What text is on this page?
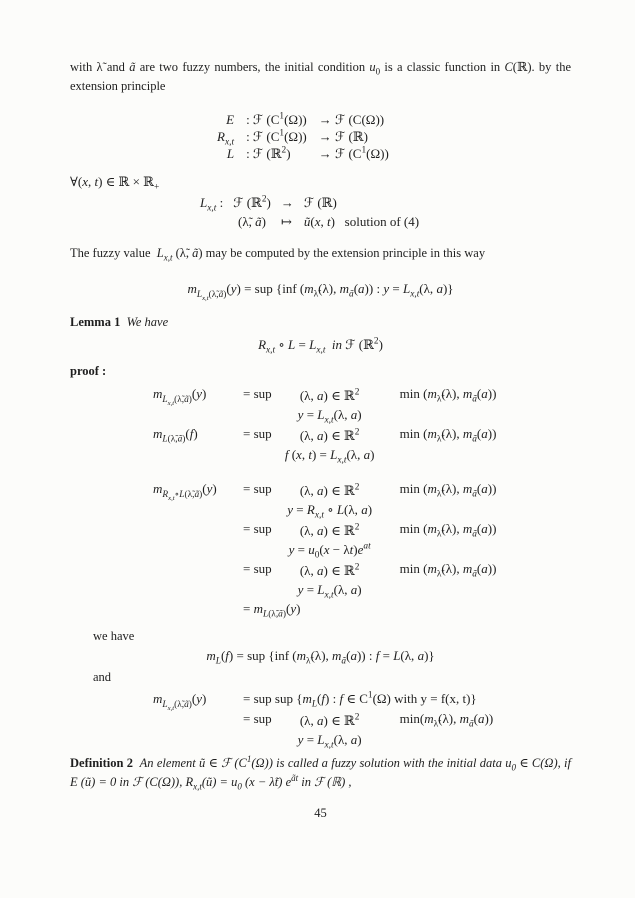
with λ̃ and ã are two fuzzy numbers, the initial condition $u_0$ is a classic function in C(ℝ). by the extension principle

E : ℱ $(C^1(\Omega))$ → ℱ (C(Ω))
$R_{x,t}$ : ℱ $(C^1(\Omega))$ → ℱ (ℝ)
L : ℱ (ℝ$^2$)	→ ℱ $(C^1(\Omega))$

∀(x, t) ∈ ℝ × ℝ$_+$

$L_{x,t}$ : ℱ (ℝ$^2$) → ℱ (ℝ)
(λ̃, ã)	↦ ũ(x, t)   solution of (4)

The fuzzy value  $L_{x,t}$ (λ̃, ã) may be computed by the extension principle in this way

$m_{L_{x,t}(\lambdã,ã)}(y)$ = sup {inf ($m_{\lambdã}(\lambda)$, $m_ã(a)$) : $y = L_{x,t}(\lambda$, a)}

Lemma 1 We have

$R_{x,t}$ ∘ $L = L_{x,t}$ in ℱ (ℝ$^2$)

proof :

$m_{L_{x,t}(\lambdã,ã)}(y)$	= sup	(λ, a) ∈ ℝ$^2$
$y = L_{x,t}(\lambda$, a)
$\min (m_{\lambdã}(\lambda)$, $m_ã(a)$)
$m_{L(\lambdã,ã)}(f)$	= sup	(λ, a) ∈ ℝ$^2$
f (x, $t) = L_{x,t}(\lambda$, a)
$\min (m_{\lambdã}(\lambda)$, $m_ã(a)$)
$m_{R_{x,t}\circ L(\lambdã,ã)}(y)$	= sup	(λ, a) ∈ ℝ$^2$
$y = R_{x,t}$ ∘ L(λ, a)
$\min (m_{\lambdã}(\lambda)$, $m_ã(a)$)
= sup	(λ, a) ∈ ℝ$^2$
$y = u_0(x - \lambda t)e^{at}$
$\min (m_{\lambdã}(\lambda)$, $m_ã(a)$)
= sup	(λ, a) ∈ ℝ$^2$
$y = L_{x,t}(\lambda$, a)
$\min (m_{\lambdã}(\lambda)$, $m_ã(a)$)
= $m_{L(\lambdã,ã)}(y)$

we have

$m_L(f)$ = sup {inf ($m_{\lambdã}(\lambda)$, $m_ã(a)$) : f = L(λ, a)}

and

$m_{L_{x,t}(\lambdã,ã)}(y)$	= sup sup {$m_L(f)$ : f ∈ $C^1(\Omega)$ with y = f(x, t)}
= sup	(λ, a) ∈ ℝ$^2$
$y = L_{x,t}(\lambda$, a)
$\min(m_{\lambdã}(\lambda)$, $m_ã(a)$)

Definition 2 An element ũ ∈ ℱ $(C^1(\Omega))$ is called a fuzzy solution with the initial data $u_0$ ∈ C(Ω), if E (ũ) = 0 in ℱ (C(Ω)), $R_{x,t}(ũ) = u_0$ (x − λ̃t) $e^{ãt}$ in ℱ (ℝ) ,

45
